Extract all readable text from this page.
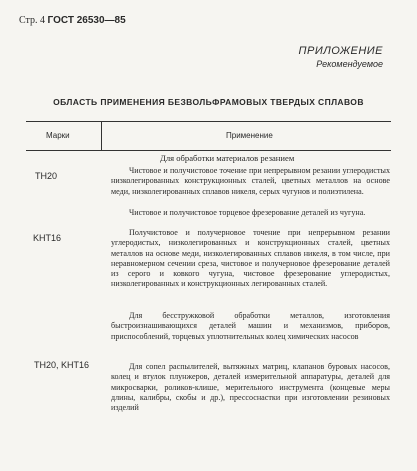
Стр. 4 ГОСТ 26530—85
ПРИЛОЖЕНИЕ
Рекомендуемое
ОБЛАСТЬ ПРИМЕНЕНИЯ БЕЗВОЛЬФРАМОВЫХ ТВЕРДЫХ СПЛАВОВ
Марки	Применение
Для обработки материалов резанием
TH20
KHT16
TH20, KHT16
Чистовое и получистовое точение при непрерывном резании углеродистых низколегированных конструкционных сталей, цветных металлов на основе меди, низколегированных сплавов никеля, серых чугунов и полиэтилена.
Чистовое и получистовое торцевое фрезерование деталей из чугуна.
Получистовое и получерновое точение при непрерывном резании углеродистых, низколегированных и конструкционных сталей, цветных металлов на основе меди, низколегированных сплавов никеля, в том числе, при неравномерном сечении среза, чистовое и получерновое фрезерование деталей из серого и ковкого чугуна, чистовое фрезерование углеродистых, низколегированных и конструкционных легированных сталей.
Для бесстружковой обработки металлов, изготовления быстроизнашивающихся деталей машин и механизмов, приборов, приспособлений, торцевых уплотнительных колец химических насосов
Для сопел распылителей, вытяжных матриц, клапанов буровых насосов, колец и втулок плунжеров, деталей измерительной аппаратуры, деталей для микросварки, роликов-клише, мерительного инструмента (концевые меры длины, калибры, скобы и др.), прессоснастки при изготовлении резиновых изделий
